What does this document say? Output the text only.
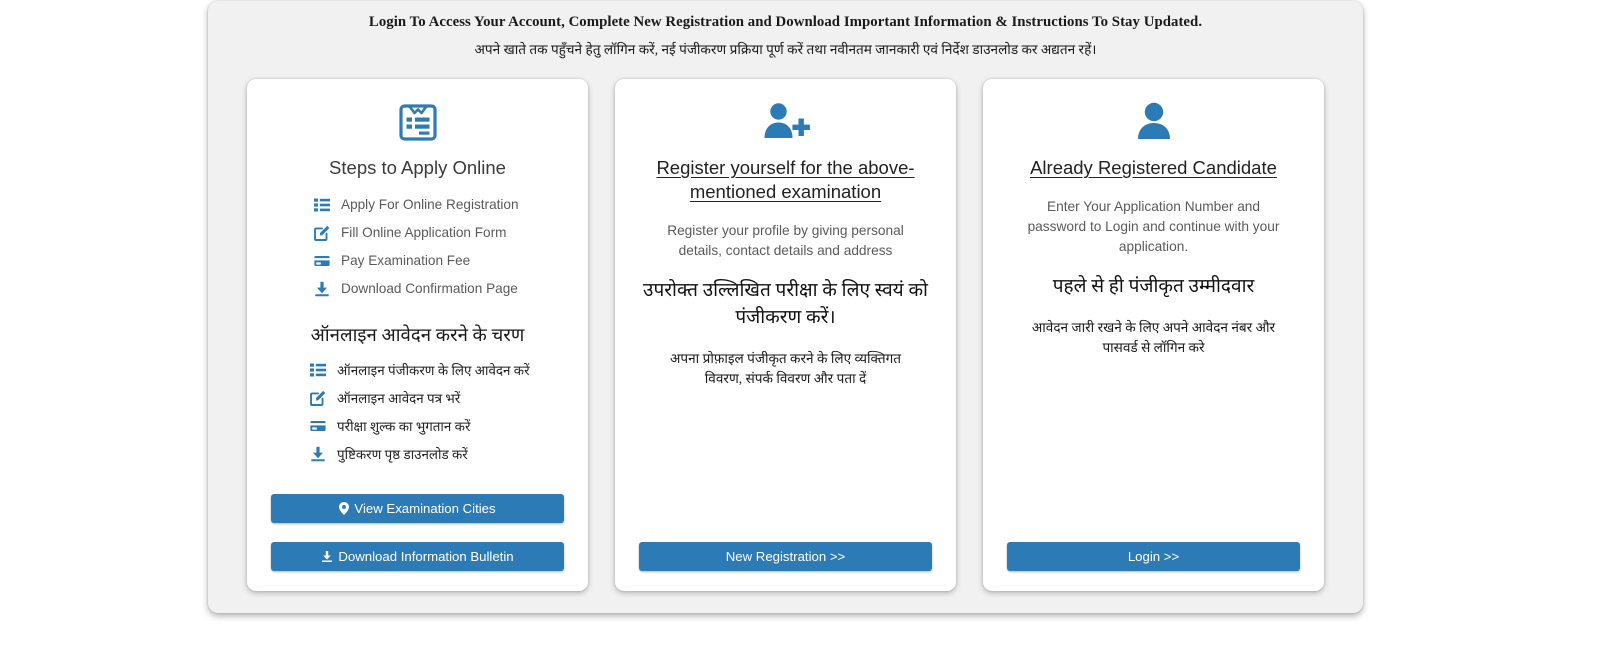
Login To Access Your Account, Complete New Registration and Download Important Information & Instructions To Stay Updated.
अपने खाते तक पहुँचने हेतु लॉगिन करें, नई पंजीकरण प्रक्रिया पूर्ण करें तथा नवीनतम जानकारी एवं निर्देश डाउनलोड कर अद्यतन रहें।
Steps to Apply Online
Apply For Online Registration
Fill Online Application Form
Pay Examination Fee
Download Confirmation Page
ऑनलाइन आवेदन करने के चरण
ऑनलाइन पंजीकरण के लिए आवेदन करें
ऑनलाइन आवेदन पत्र भरें
परीक्षा शुल्क का भुगतान करें
पुष्टिकरण पृष्ठ डाउनलोड करें
View Examination Cities
Download Information Bulletin
Register yourself for the above-mentioned examination
Register your profile by giving personal details, contact details and address
उपरोक्त उल्लिखित परीक्षा के लिए स्वयं को पंजीकरण करें।
अपना प्रोफ़ाइल पंजीकृत करने के लिए व्यक्तिगत विवरण, संपर्क विवरण और पता दें
New Registration >>
Already Registered Candidate
Enter Your Application Number and password to Login and continue with your application.
पहले से ही पंजीकृत उम्मीदवार
आवेदन जारी रखने के लिए अपने आवेदन नंबर और पासवर्ड से लॉगिन करे
Login >>
